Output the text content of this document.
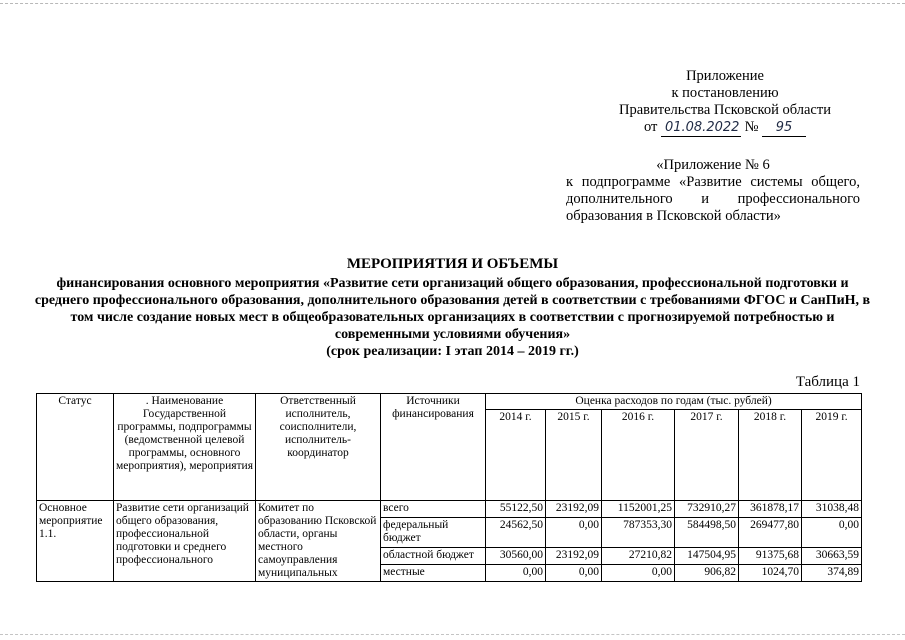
Приложение
к постановлению
Правительства Псковской области
от 01.08.2022 № 95
«Приложение № 6
к подпрограмме «Развитие системы общего, дополнительного и профессионального образования в Псковской области»
МЕРОПРИЯТИЯ И ОБЪЕМЫ
финансирования основного мероприятия «Развитие сети организаций общего образования, профессиональной подготовки и среднего профессионального образования, дополнительного образования детей в соответствии с требованиями ФГОС и СанПиН, в том числе создание новых мест в общеобразовательных организациях в соответствии с прогнозируемой потребностью и современными условиями обучения»
(срок реализации: I этап 2014 – 2019 гг.)
Таблица 1
Статус	. Наименование Государственной программы, подпрограммы (ведомственной целевой программы, основного мероприятия), мероприятия	Ответственный исполнитель, соисполнители, исполнитель-координатор	Источники финансирования	Оценка расходов по годам (тыс. рублей)					
				2014 г.	2015 г.	2016 г.	2017 г.	2018 г.	2019 г.
Основное мероприятие 1.1.	Развитие сети организаций общего образования, профессиональной подготовки и среднего профессионального	Комитет по образованию Псковской области, органы местного самоуправления муниципальных	всего	55122,50	23192,09	1152001,25	732910,27	361878,17	31038,48
			федеральный бюджет	24562,50	0,00	787353,30	584498,50	269477,80	0,00
			областной бюджет	30560,00	23192,09	27210,82	147504,95	91375,68	30663,59
			местные	0,00	0,00	0,00	906,82	1024,70	374,89
